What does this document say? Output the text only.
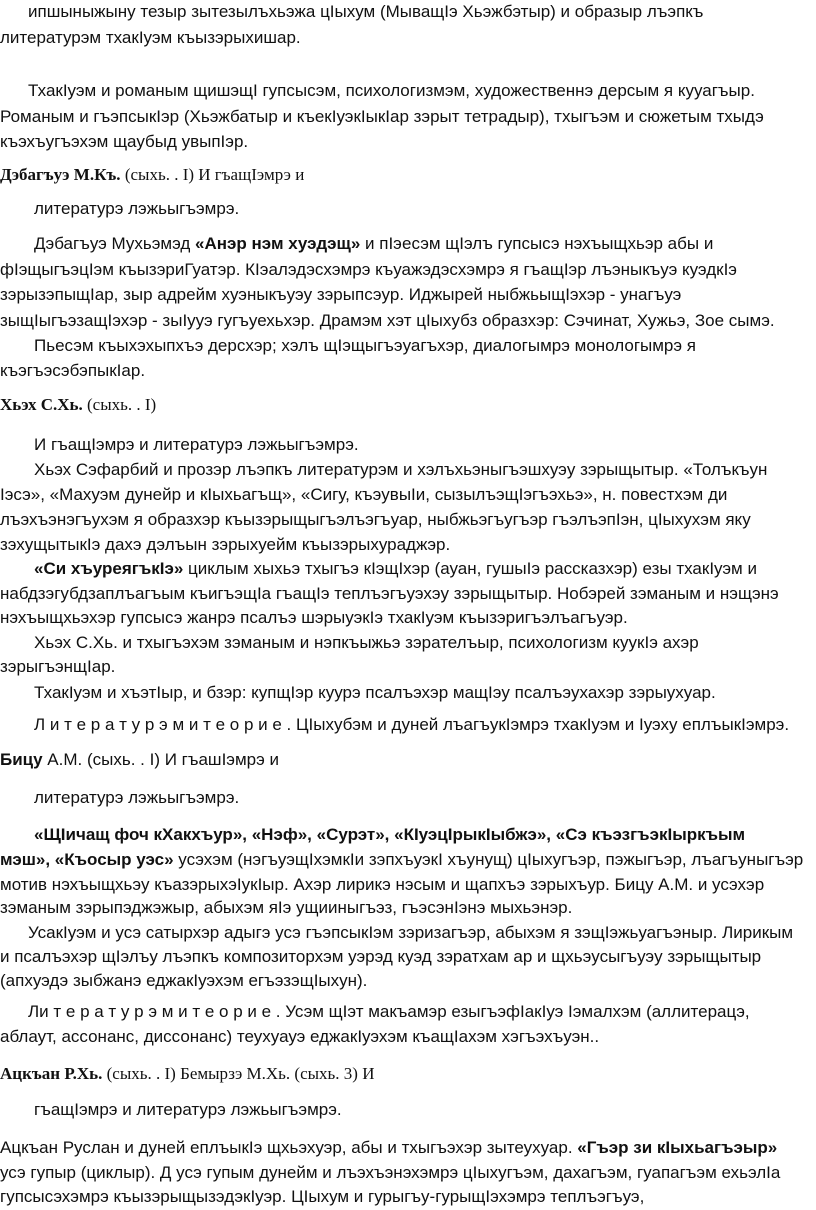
ипшыныжыну тезыр зытезылъхьэжа цIыхум (МыващIэ Хьэжбэтыр) и образыр лъэпкъ
литературэм тхакIуэм къызэрыхишар.
ТхакIуэм и романым щишэщI гупсысэм, психологизмэм, художественнэ дерсым я кууагъыр.
Романым и гъэпсыкIэр (Хьэжбатыр и къекIуэкIыкIар зэрыт тетрадыр), тхыгъэм и сюжетым тхыдэ
къэхъугъэхэм щаубыд увыпIэр.
Дэбагъуэ М.Къ. (сыхь. . I) И гъащIэмрэ и
литературэ лэжьыгъэмрэ.
Дэбагъуэ Мухьэмэд «Анэр нэм хуэдэщ» и пIэесэм щIэлъ гупсысэ нэхъыщхьэр абы и
фIэщыгъэцIэм къызэриГуатэр. КIэалэдэсхэмрэ къуажэдэсхэмрэ я гъащIэр лъэныкъуэ куэдкIэ
зэрызэпыщIар, зыр адрейм хуэныкъуэу зэрыпсэур. Иджырей ныбжьыщIэхэр - унагъуэ
зыщIыгъэзащIэхэр - зыIууэ гугъуехьхэр. Драмэм хэт цIыхубз образхэр: Сэчинат, Хужьэ, Зое сымэ.
Пьесэм къыхэхыпхъэ дерсхэр; хэлъ щIэщыгъэуагъхэр, диалогымрэ монологымрэ я
къэгъэсэбэпыкIар.
Хьэх С.Хь. (сыхь. . I)
И гъащIэмрэ и литературэ лэжьыгъэмрэ.
Хьэх Сэфарбий и прозэр лъэпкъ литературэм и хэлъхьэныгъэшхуэу зэрыщытыр. «Толъкъун
Iэсэ», «Махуэм дунейр и кIыхьагъщ», «Сигу, къэувыIи, сызылъэщIэгъэхьэ», н. повестхэм ди
лъэхъэнэгъухэм я образхэр къызэрыщыгъэлъэгъуар, ныбжьэгъугъэр гъэлъэпIэн, цIыхухэм яку
зэхущытыкIэ дахэ дэлъын зэрыхуейм къызэрыхураджэр.
«Си хъуреягъкIэ» циклым хыхьэ тхыгъэ кIэщIхэр (ауан, гушыIэ рассказхэр) езы тхакIуэм и
набдзэгубдзаплъагъым къигъэщIа гъащIэ теплъэгъуэхэу зэрыщытыр. Нобэрей зэманым и нэщэнэ
нэхъыщхьэхэр гупсысэ жанрэ псалъэ шэрыуэкIэ тхакIуэм къызэригъэлъагъуэр.
Хьэх С.Хь. и тхыгъэхэм зэманым и нэпкъыжьэ зэрателъыр, психологизм куукIэ ахэр
зэрыгъэнщIар.
ТхакIуэм и хъэтIыр, и бзэр: купщIэр куурэ псалъэхэр мащIэу псалъэухахэр зэрыухуар.
Л и т е р а т у р э м и т е о р и е . ЦIыхубэм и дуней лъагъукIэмрэ тхакIуэм и Iуэху еплъыкIэмрэ.
Бицу А.М. (сыхь. . I) И гъашIэмрэ и
литературэ лэжьыгъэмрэ.
«ЩIичащ фоч кХакхъур», «Нэф», «Сурэт», «КIуэцIрыкIыбжэ», «Сэ къэзгъэкIыркъым
мэш», «Къосыр уэс» усэхэм (нэгъуэщIхэмкIи зэпхъуэкI хъунущ) цIыхугъэр, пэжыгъэр, лъагъуныгъэр
мотив нэхъыщхьэу къазэрыхэIукIыр. Ахэр лирикэ нэсым и щапхъэ зэрыхъур. Бицу А.М. и усэхэр
зэманым зэрыпэджэжыр, абыхэм яIэ ущииныгъэз, гъэсэнIэнэ мыхьэнэр.
УсакIуэм и усэ сатырхэр адыгэ усэ гъэпсыкIэм зэризагъэр, абыхэм я зэщIэжьуагъэныр. Лирикым
и псалъэхэр щIэлъу лъэпкъ композиторхэм уэрэд куэд зэратхам ар и щхьэусыгъуэу зэрыщытыр
(апхуэдэ зыбжанэ еджакIуэхэм егъэзэщIыхун).
Ли т е р а т у р э м и т е о р и е . Усэм щIэт макъамэр езыгъэфIакIуэ Iэмалхэм (аллитерацэ,
аблаут, ассонанс, диссонанс) теухуауэ еджакIуэхэм къащIахэм хэгъэхъуэн..
Ацкъан Р.Хь. (сыхь. . I) Бемырзэ М.Хь. (сыхь. 3) И
гъащIэмрэ и литературэ лэжьыгъэмрэ.
Ацкъан Руслан и дуней еплъыкIэ щхьэхуэр, абы и тхыгъэхэр зытеухуар. «Гъэр зи кIыхьагъэыр»
усэ гупыр (циклыр). Д усэ гупым дунейм и лъэхъэнэхэмрэ цIыхугъэм, дахагъэм, гуапагъэм ехьэлIа
гупсысэхэмрэ къызэрыщызэдэкIуэр. ЦIыхум и гурыгъу-гурыщIэхэмрэ теплъэгъуэ,
